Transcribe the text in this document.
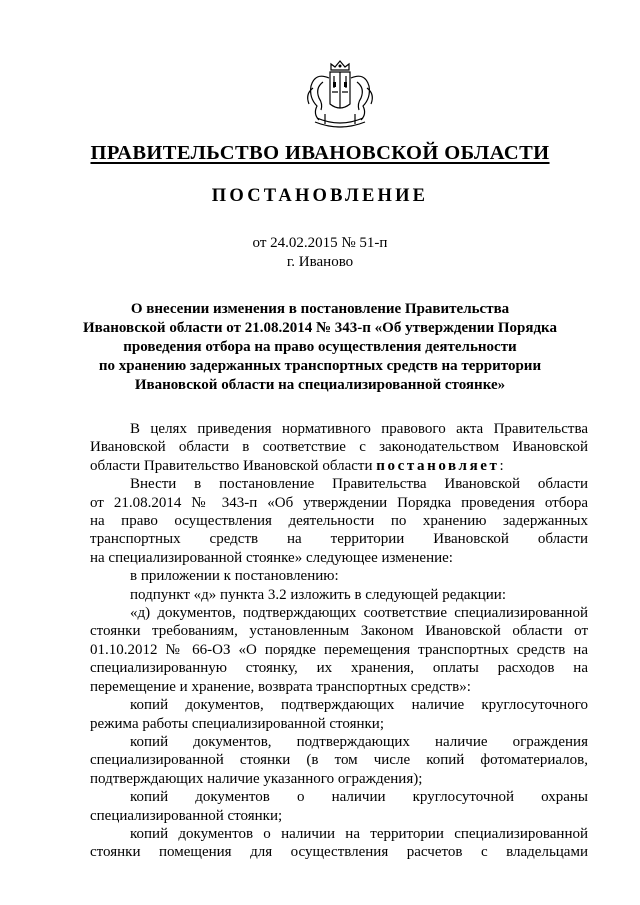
ПРАВИТЕЛЬСТВО ИВАНОВСКОЙ ОБЛАСТИ
ПОСТАНОВЛЕНИЕ
от 24.02.2015 № 51-п
г. Иваново
О внесении изменения в постановление Правительства
Ивановской области от 21.08.2014 № 343-п «Об утверждении Порядка
проведения отбора на право осуществления деятельности
по хранению задержанных транспортных средств на территории
Ивановской области на специализированной стоянке»

В целях приведения нормативного правового акта Правительства

Ивановской области в соответствие с законодательством Ивановской

области Правительство Ивановской области постановляет:

Внести в постановление Правительства Ивановской области

от 21.08.2014 № 343-п «Об утверждении Порядка проведения отбора

на право осуществления деятельности по хранению задержанных

транспортных средств на территории Ивановской области

на специализированной стоянке» следующее изменение:

в приложении к постановлению:

подпункт «д» пункта 3.2 изложить в следующей редакции:

«д) документов, подтверждающих соответствие специализированной

стоянки требованиям, установленным Законом Ивановской области от

01.10.2012 № 66-ОЗ «О порядке перемещения транспортных средств на

специализированную стоянку, их хранения, оплаты расходов на

перемещение и хранение, возврата транспортных средств»:

копий документов, подтверждающих наличие круглосуточного

режима работы специализированной стоянки;

копий документов, подтверждающих наличие ограждения

специализированной стоянки (в том числе копий фотоматериалов,

подтверждающих наличие указанного ограждения);

копий документов о наличии круглосуточной охраны

специализированной стоянки;

копий документов о наличии на территории специализированной

стоянки помещения для осуществления расчетов с владельцами
